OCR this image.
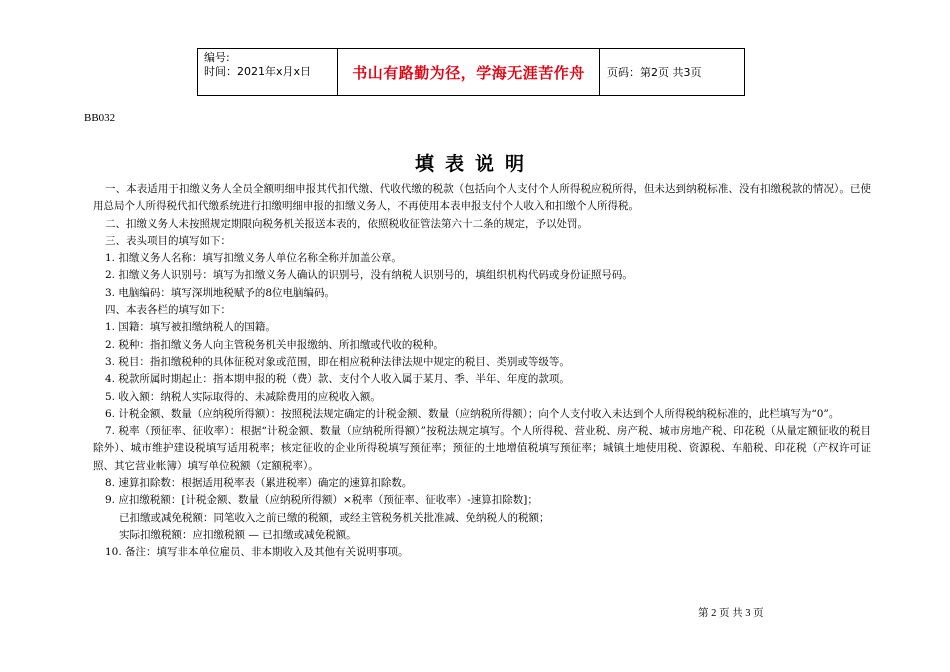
编号:
时间：2021年x月x日	书山有路勤为径，学海无涯苦作舟 页码：第2页 共3页
BB032
填表说明

一、本表适用于扣缴义务人全员全额明细申报其代扣代缴、代收代缴的税款（包括向个人支付个人所得税应税所得，但未达到纳税标准、没有扣缴税款的情况）。已使用总局个人所得税代扣代缴系统进行扣缴明细申报的扣缴义务人，不再使用本表申报支付个人收入和扣缴个人所得税。

二、扣缴义务人未按照规定期限向税务机关报送本表的，依照税收征管法第六十二条的规定，予以处罚。

三、表头项目的填写如下：

1. 扣缴义务人名称：填写扣缴义务人单位名称全称并加盖公章。

2. 扣缴义务人识别号：填写为扣缴义务人确认的识别号，没有纳税人识别号的，填组织机构代码或身份证照号码。

3. 电脑编码：填写深圳地税赋予的8位电脑编码。

四、本表各栏的填写如下：

1. 国籍：填写被扣缴纳税人的国籍。

2. 税种：指扣缴义务人向主管税务机关申报缴纳、所扣缴或代收的税种。

3. 税目：指扣缴税种的具体征税对象或范围，即在相应税种法律法规中规定的税目、类别或等级等。

4. 税款所属时期起止：指本期申报的税（费）款、支付个人收入属于某月、季、半年、年度的款项。

5. 收入额：纳税人实际取得的、未减除费用的应税收入额。

6. 计税金额、数量（应纳税所得额）：按照税法规定确定的计税金额、数量（应纳税所得额）；向个人支付收入未达到个人所得税纳税标准的，此栏填写为“0”。

7. 税率（预征率、征收率）：根据“计税金额、数量（应纳税所得额）”按税法规定填写。个人所得税、营业税、房产税、城市房地产税、印花税（从量定额征收的税目除外）、城市维护建设税填写适用税率；核定征收的企业所得税填写预征率；预征的土地增值税填写预征率；城镇土地使用税、资源税、车船税、印花税（产权许可证照、其它营业帐簿）填写单位税额（定额税率）。

8. 速算扣除数：根据适用税率表（累进税率）确定的速算扣除数。

9. 应扣缴税额：[计税金额、数量（应纳税所得额）×税率（预征率、征收率）-速算扣除数]；

已扣缴或减免税额：同笔收入之前已缴的税额，或经主管税务机关批准减、免纳税人的税额；

实际扣缴税额：应扣缴税额 — 已扣缴或减免税额。

10. 备注：填写非本单位雇员、非本期收入及其他有关说明事项。

第 2 页 共 3 页
